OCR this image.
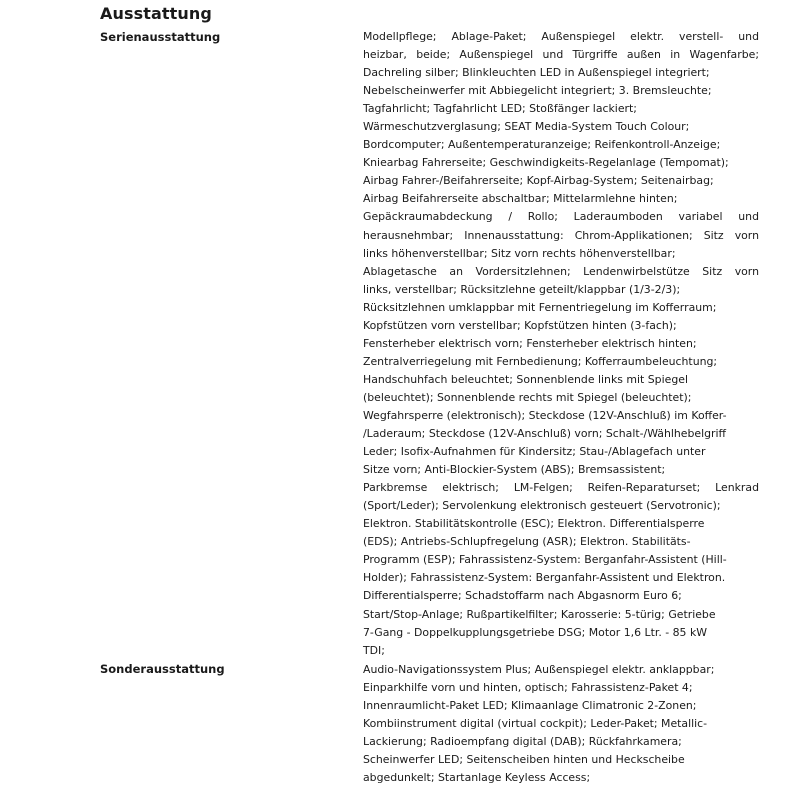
Ausstattung
Serienausstattung	Modellpflege; Ablage-Paket; Außenspiegel elektr. verstell- und
heizbar, beide; Außenspiegel und Türgriffe außen in Wagenfarbe;
Dachreling silber; Blinkleuchten LED in Außenspiegel integriert;
Nebelscheinwerfer mit Abbiegelicht integriert; 3. Bremsleuchte;
Tagfahrlicht; Tagfahrlicht LED; Stoßfänger lackiert;
Wärmeschutzverglasung; SEAT Media-System Touch Colour;
Bordcomputer; Außentemperaturanzeige; Reifenkontroll-Anzeige;
Kniearbag Fahrerseite; Geschwindigkeits-Regelanlage (Tempomat);
Airbag Fahrer-/Beifahrerseite; Kopf-Airbag-System; Seitenairbag;
Airbag Beifahrerseite abschaltbar; Mittelarmlehne hinten;
Gepäckraumabdeckung / Rollo; Laderaumboden variabel und
herausnehmbar; Innenausstattung: Chrom-Applikationen; Sitz vorn
links höhenverstellbar; Sitz vorn rechts höhenverstellbar;
Ablagetasche an Vordersitzlehnen; Lendenwirbelstütze Sitz vorn
links, verstellbar; Rücksitzlehne geteilt/klappbar (1/3-2/3);
Rücksitzlehnen umklappbar mit Fernentriegelung im Kofferraum;
Kopfstützen vorn verstellbar; Kopfstützen hinten (3-fach);
Fensterheber elektrisch vorn; Fensterheber elektrisch hinten;
Zentralverriegelung mit Fernbedienung; Kofferraumbeleuchtung;
Handschuhfach beleuchtet; Sonnenblende links mit Spiegel
(beleuchtet); Sonnenblende rechts mit Spiegel (beleuchtet);
Wegfahrsperre (elektronisch); Steckdose (12V-Anschluß) im Koffer-
/Laderaum; Steckdose (12V-Anschluß) vorn; Schalt-/Wählhebelgriff
Leder; Isofix-Aufnahmen für Kindersitz; Stau-/Ablagefach unter
Sitze vorn; Anti-Blockier-System (ABS); Bremsassistent;
Parkbremse elektrisch; LM-Felgen; Reifen-Reparaturset; Lenkrad
(Sport/Leder); Servolenkung elektronisch gesteuert (Servotronic);
Elektron. Stabilitätskontrolle (ESC); Elektron. Differentialsperre
(EDS); Antriebs-Schlupfregelung (ASR); Elektron. Stabilitäts-
Programm (ESP); Fahrassistenz-System: Berganfahr-Assistent (Hill-
Holder); Fahrassistenz-System: Berganfahr-Assistent und Elektron.
Differentialsperre; Schadstoffarm nach Abgasnorm Euro 6;
Start/Stop-Anlage; Rußpartikelfilter; Karosserie: 5-türig; Getriebe
7-Gang - Doppelkupplungsgetriebe DSG; Motor 1,6 Ltr. - 85 kW
TDI;
Sonderausstattung	Audio-Navigationssystem Plus; Außenspiegel elektr. anklappbar;
Einparkhilfe vorn und hinten, optisch; Fahrassistenz-Paket 4;
Innenraumlicht-Paket LED; Klimaanlage Climatronic 2-Zonen;
Kombiinstrument digital (virtual cockpit); Leder-Paket; Metallic-
Lackierung; Radioempfang digital (DAB); Rückfahrkamera;
Scheinwerfer LED; Seitenscheiben hinten und Heckscheibe
abgedunkelt; Startanlage Keyless Access;
